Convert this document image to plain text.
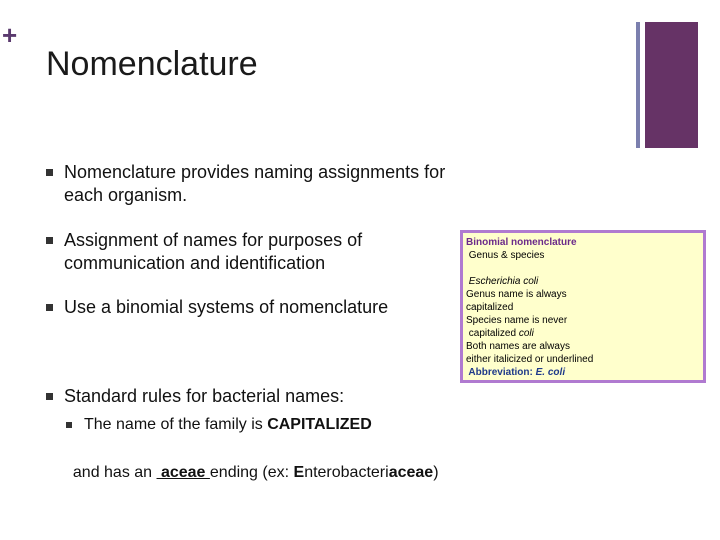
+
Nomenclature
Nomenclature provides naming assignments for
each organism.
Assignment of names for purposes of
communication and identification
Use a binomial systems of nomenclature
Standard rules for bacterial names:
The name of the family is CAPITALIZED

and has an  aceae ending (ex: Enterobacteriaceae)

Binomial nomenclature
Genus & species
Escherichia coli
Genus name is always
capitalized
Species name is never
capitalized coli
Both names are always
either italicized or underlined
Abbreviation: E. coli
